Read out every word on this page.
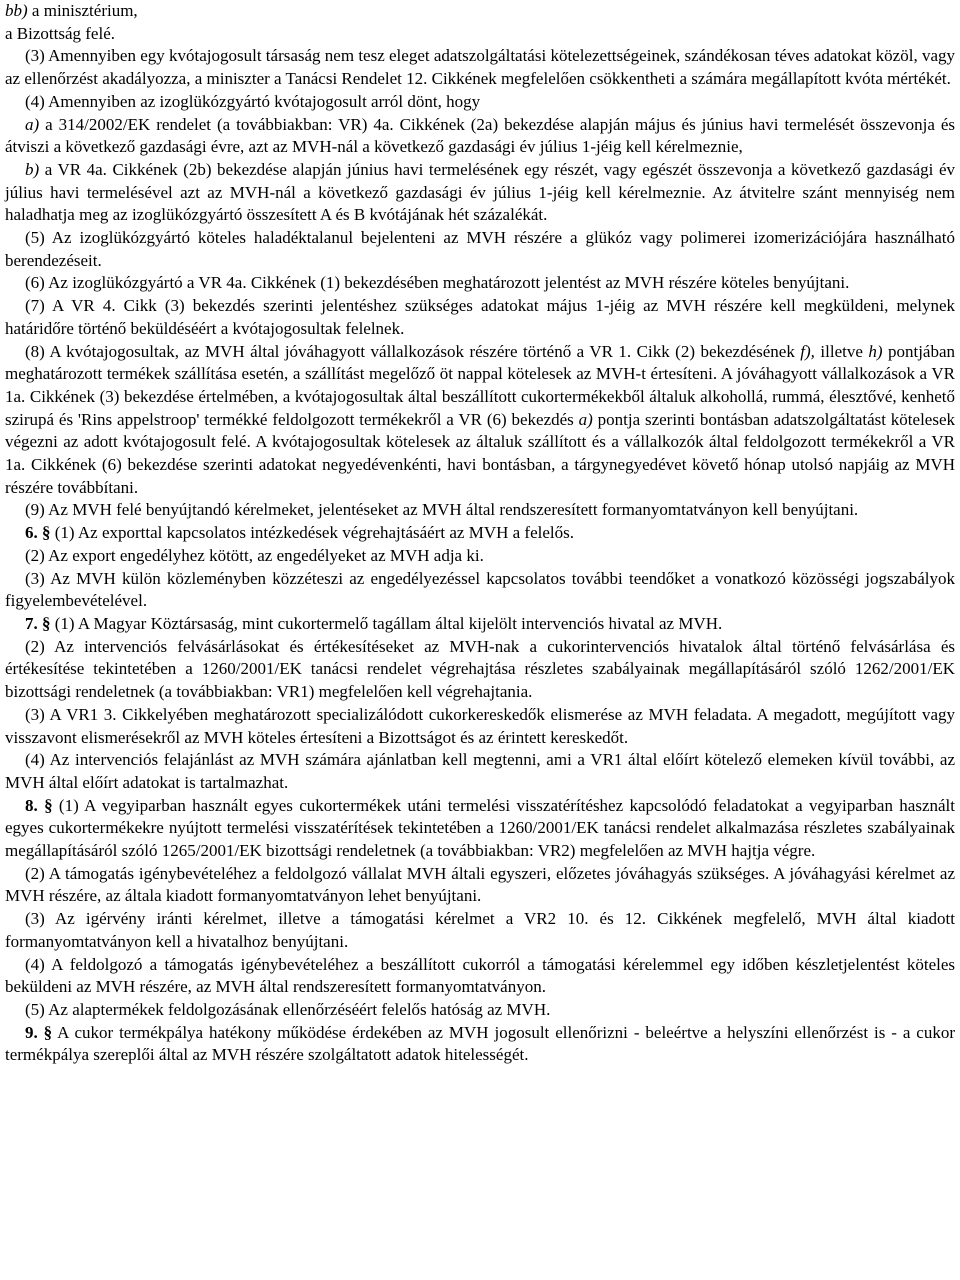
bb) a minisztérium,
a Bizottság felé.
(3) Amennyiben egy kvótajogosult társaság nem tesz eleget adatszolgáltatási kötelezettségeinek, szándékosan téves adatokat közöl, vagy az ellenőrzést akadályozza, a miniszter a Tanácsi Rendelet 12. Cikkének megfelelően csökkentheti a számára megállapított kvóta mértékét.
(4) Amennyiben az izoglükózgyártó kvótajogosult arról dönt, hogy
a) a 314/2002/EK rendelet (a továbbiakban: VR) 4a. Cikkének (2a) bekezdése alapján május és június havi termelését összevonja és átviszi a következő gazdasági évre, azt az MVH-nál a következő gazdasági év július 1-jéig kell kérelmeznie,
b) a VR 4a. Cikkének (2b) bekezdése alapján június havi termelésének egy részét, vagy egészét összevonja a következő gazdasági év július havi termelésével azt az MVH-nál a következő gazdasági év július 1-jéig kell kérelmeznie. Az átvitelre szánt mennyiség nem haladhatja meg az izoglükózgyártó összesített A és B kvótájának hét százalékát.
(5) Az izoglükózgyártó köteles haladéktalanul bejelenteni az MVH részére a glükóz vagy polimerei izomerizációjára használható berendezéseit.
(6) Az izoglükózgyártó a VR 4a. Cikkének (1) bekezdésében meghatározott jelentést az MVH részére köteles benyújtani.
(7) A VR 4. Cikk (3) bekezdés szerinti jelentéshez szükséges adatokat május 1-jéig az MVH részére kell megküldeni, melynek határidőre történő beküldéséért a kvótajogosultak felelnek.
(8) A kvótajogosultak, az MVH által jóváhagyott vállalkozások részére történő a VR 1. Cikk (2) bekezdésének f), illetve h) pontjában meghatározott termékek szállítása esetén, a szállítást megelőző öt nappal kötelesek az MVH-t értesíteni. A jóváhagyott vállalkozások a VR 1a. Cikkének (3) bekezdése értelmében, a kvótajogosultak által beszállított cukortermékekből általuk alkohollá, rummá, élesztővé, kenhető szirupá és 'Rins appelstroop' termékké feldolgozott termékekről a VR (6) bekezdés a) pontja szerinti bontásban adatszolgáltatást kötelesek végezni az adott kvótajogosult felé. A kvótajogosultak kötelesek az általuk szállított és a vállalkozók által feldolgozott termékekről a VR 1a. Cikkének (6) bekezdése szerinti adatokat negyedévenkénti, havi bontásban, a tárgynegyedévet követő hónap utolsó napjáig az MVH részére továbbítani.
(9) Az MVH felé benyújtandó kérelmeket, jelentéseket az MVH által rendszeresített formanyomtatványon kell benyújtani.
6. § (1) Az exporttal kapcsolatos intézkedések végrehajtásáért az MVH a felelős.
(2) Az export engedélyhez kötött, az engedélyeket az MVH adja ki.
(3) Az MVH külön közleményben közzéteszi az engedélyezéssel kapcsolatos további teendőket a vonatkozó közösségi jogszabályok figyelembevételével.
7. § (1) A Magyar Köztársaság, mint cukortermelő tagállam által kijelölt intervenciós hivatal az MVH.
(2) Az intervenciós felvásárlásokat és értékesítéseket az MVH-nak a cukorintervenciós hivatalok által történő felvásárlása és értékesítése tekintetében a 1260/2001/EK tanácsi rendelet végrehajtása részletes szabályainak megállapításáról szóló 1262/2001/EK bizottsági rendeletnek (a továbbiakban: VR1) megfelelően kell végrehajtania.
(3) A VR1 3. Cikkelyében meghatározott specializálódott cukorkereskedők elismerése az MVH feladata. A megadott, megújított vagy visszavont elismerésekről az MVH köteles értesíteni a Bizottságot és az érintett kereskedőt.
(4) Az intervenciós felajánlást az MVH számára ajánlatban kell megtenni, ami a VR1 által előírt kötelező elemeken kívül további, az MVH által előírt adatokat is tartalmazhat.
8. § (1) A vegyiparban használt egyes cukortermékek utáni termelési visszatérítéshez kapcsolódó feladatokat a vegyiparban használt egyes cukortermékekre nyújtott termelési visszatérítések tekintetében a 1260/2001/EK tanácsi rendelet alkalmazása részletes szabályainak megállapításáról szóló 1265/2001/EK bizottsági rendeletnek (a továbbiakban: VR2) megfelelően az MVH hajtja végre.
(2) A támogatás igénybevételéhez a feldolgozó vállalat MVH általi egyszeri, előzetes jóváhagyás szükséges. A jóváhagyási kérelmet az MVH részére, az általa kiadott formanyomtatványon lehet benyújtani.
(3) Az igérvény iránti kérelmet, illetve a támogatási kérelmet a VR2 10. és 12. Cikkének megfelelő, MVH által kiadott formanyomtatványon kell a hivatalhoz benyújtani.
(4) A feldolgozó a támogatás igénybevételéhez a beszállított cukorról a támogatási kérelemmel egy időben készletjelentést köteles beküldeni az MVH részére, az MVH által rendszeresített formanyomtatványon.
(5) Az alaptermékek feldolgozásának ellenőrzéséért felelős hatóság az MVH.
9. § A cukor termékpálya hatékony működése érdekében az MVH jogosult ellenőrizni - beleértve a helyszíni ellenőrzést is - a cukor termékpálya szereplői által az MVH részére szolgáltatott adatok hitelességét.
